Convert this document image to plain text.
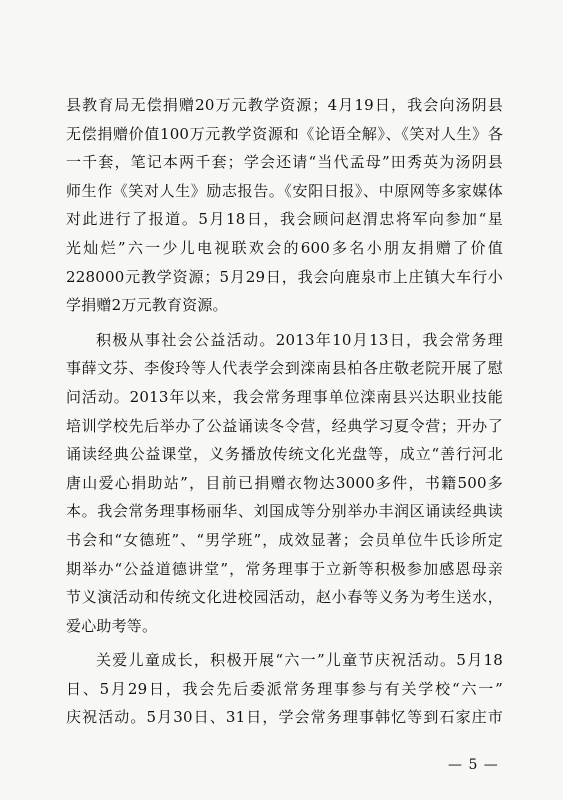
县教育局无偿捐赠20万元教学资源；4月19日，我会向汤阴县
无偿捐赠价值100万元教学资源和《论语全解》、《笑对人生》各
一千套，笔记本两千套；学会还请“当代孟母”田秀英为汤阴县
师生作《笑对人生》励志报告。《安阳日报》、中原网等多家媒体
对此进行了报道。5月18日，我会顾问赵渭忠将军向参加“星
光灿烂”六一少儿电视联欢会的600多名小朋友捐赠了价值
228000元教学资源；5月29日，我会向鹿泉市上庄镇大车行小
学捐赠2万元教育资源。

积极从事社会公益活动。2013年10月13日，我会常务理
事薛文芬、李俊玲等人代表学会到滦南县柏各庄敬老院开展了慰
问活动。2013年以来，我会常务理事单位滦南县兴达职业技能
培训学校先后举办了公益诵读冬令营，经典学习夏令营；开办了
诵读经典公益课堂，义务播放传统文化光盘等，成立“善行河北
唐山爱心捐助站”，目前已捐赠衣物达3000多件，书籍500多
本。我会常务理事杨丽华、刘国成等分别举办丰润区诵读经典读
书会和“女德班”、“男学班”，成效显著；会员单位牛氏诊所定
期举办“公益道德讲堂”，常务理事于立新等积极参加感恩母亲
节义演活动和传统文化进校园活动，赵小春等义务为考生送水，
爱心助考等。

关爱儿童成长，积极开展“六一”儿童节庆祝活动。5月18
日、5月29日，我会先后委派常务理事参与有关学校“六一”
庆祝活动。5月30日、31日，学会常务理事韩忆等到石家庄市

— 5 —
